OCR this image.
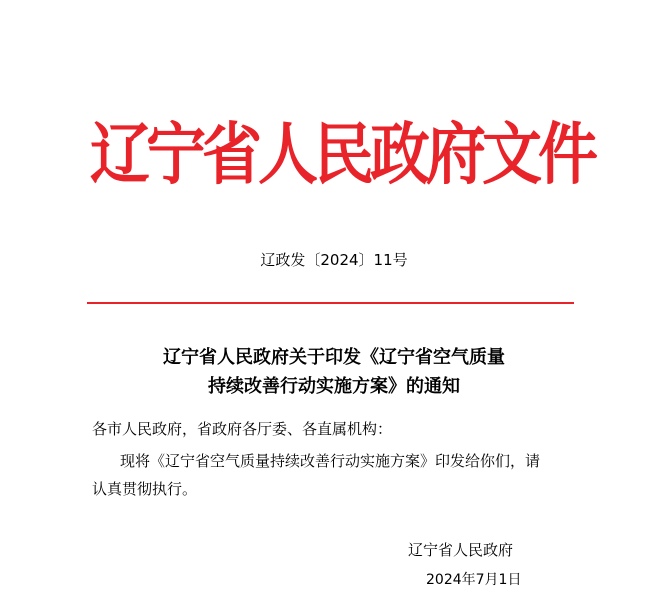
辽宁省人民政府文件
辽政发〔2024〕11号
辽宁省人民政府关于印发《辽宁省空气质量
持续改善行动实施方案》的通知
各市人民政府，省政府各厅委、各直属机构：
现将《辽宁省空气质量持续改善行动实施方案》印发给你们，请
认真贯彻执行。
辽宁省人民政府
2024年7月1日
